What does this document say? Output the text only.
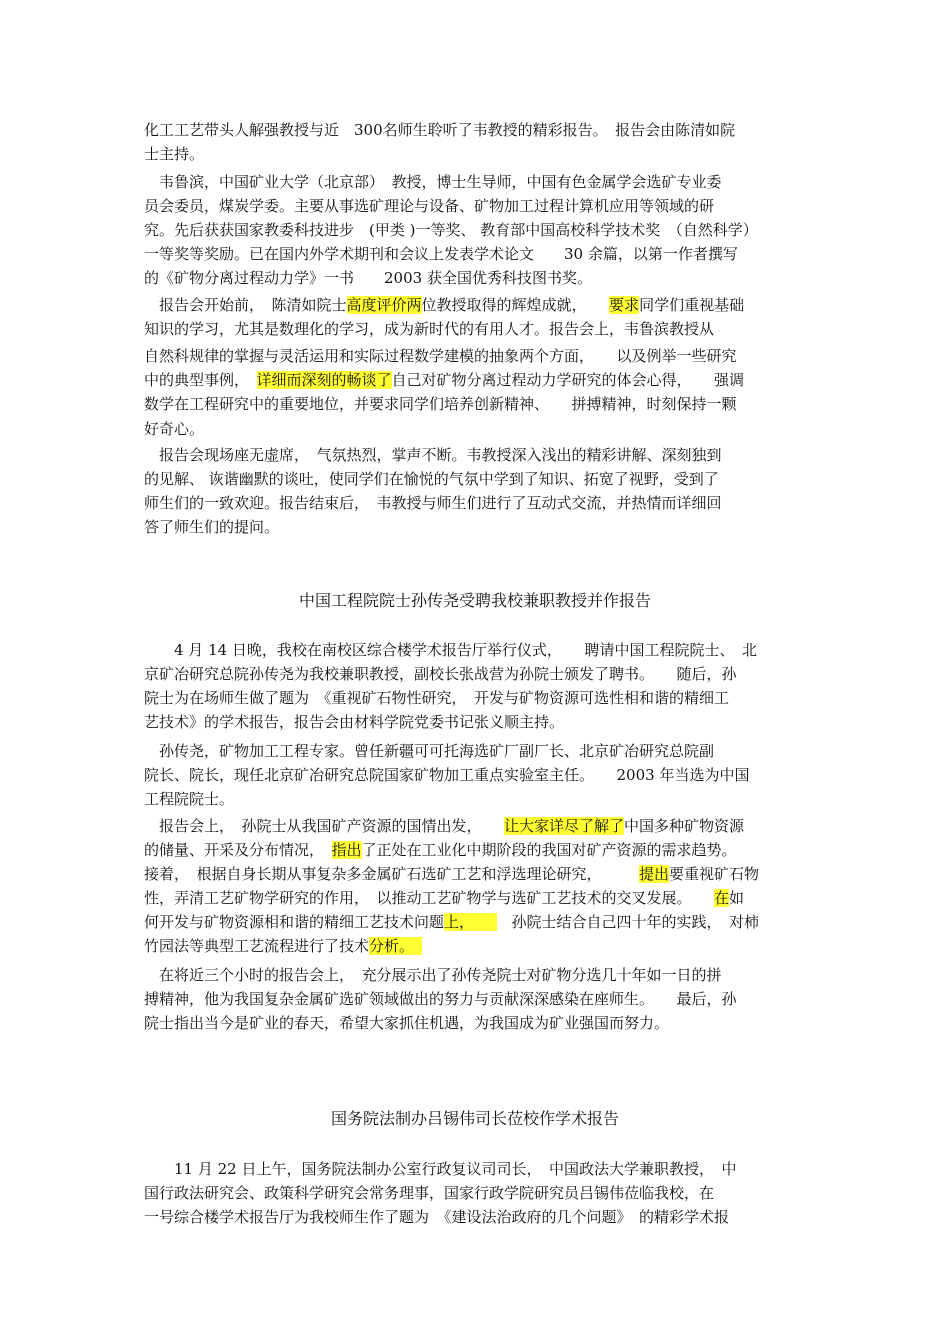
化工工艺带头人解强教授与近　300名师生聆听了韦教授的精彩报告。　报告会由陈清如院
士主持。
　韦鲁滨，中国矿业大学（北京部）　教授，博士生导师，中国有色金属学会选矿专业委
员会委员，煤炭学委。主要从事选矿理论与设备、矿物加工过程计算机应用等领域的研
究。先后获获国家教委科技进步　(甲类 )一等奖、 教育部中国高校科学技术奖　（自然科学）
一等奖等奖励。已在国内外学术期刊和会议上发表学术论文　　30 余篇，以第一作者撰写
的《矿物分离过程动力学》一书　　2003 获全国优秀科技图书奖。
　报告会开始前，　陈清如院士高度评价两位教授取得的辉煌成就，　　要求同学们重视基础
知识的学习，尤其是数理化的学习，成为新时代的有用人才。报告会上，韦鲁滨教授从
自然科规律的掌握与灵活运用和实际过程数学建模的抽象两个方面，　　以及例举一些研究
中的典型事例，　详细而深刻的畅谈了自己对矿物分离过程动力学研究的体会心得，　　强调
数学在工程研究中的重要地位，并要求同学们培养创新精神、　　拼搏精神，时刻保持一颗
好奇心。
　报告会现场座无虚席，　气氛热烈，掌声不断。韦教授深入浅出的精彩讲解、深刻独到
的见解、 诙谐幽默的谈吐，使同学们在愉悦的气氛中学到了知识、拓宽了视野，受到了
师生们的一致欢迎。报告结束后，　韦教授与师生们进行了互动式交流，并热情而详细回
答了师生们的提问。
中国工程院院士孙传尧受聘我校兼职教授并作报告
　　4 月 14 日晚，我校在南校区综合楼学术报告厅举行仪式，　　聘请中国工程院院士、　北
京矿冶研究总院孙传尧为我校兼职教授，副校长张战营为孙院士颁发了聘书。　　随后，孙
院士为在场师生做了题为　《重视矿石物性研究，　开发与矿物资源可选性相和谐的精细工
艺技术》的学术报告，报告会由材料学院党委书记张义顺主持。
　孙传尧，矿物加工工程专家。曾任新疆可可托海选矿厂副厂长、北京矿冶研究总院副
院长、院长，现任北京矿冶研究总院国家矿物加工重点实验室主任。　　2003 年当选为中国
工程院院士。
　报告会上，　孙院士从我国矿产资源的国情出发，　　让大家详尽了解了中国多种矿物资源
的储量、开采及分布情况，　指出了正处在工业化中期阶段的我国对矿产资源的需求趋势。
接着，　根据自身长期从事复杂多金属矿石选矿工艺和浮选理论研究，　　　提出要重视矿石物
性，弄清工艺矿物学研究的作用，　以推动工艺矿物学与选矿工艺技术的交叉发展。　　在如
何开发与矿物资源相和谐的精细工艺技术问题上，　　　孙院士结合自己四十年的实践，　对柿
竹园法等典型工艺流程进行了技术分析。　
　在将近三个小时的报告会上，　充分展示出了孙传尧院士对矿物分选几十年如一日的拼
搏精神，他为我国复杂金属矿选矿领域做出的努力与贡献深深感染在座师生。　　最后，孙
院士指出当今是矿业的春天，希望大家抓住机遇，为我国成为矿业强国而努力。
国务院法制办吕锡伟司长莅校作学术报告
　　11 月 22 日上午，国务院法制办公室行政复议司司长，　中国政法大学兼职教授，　中
国行政法研究会、政策科学研究会常务理事，国家行政学院研究员吕锡伟莅临我校，在
一号综合楼学术报告厅为我校师生作了题为　《建设法治政府的几个问题》　的精彩学术报
